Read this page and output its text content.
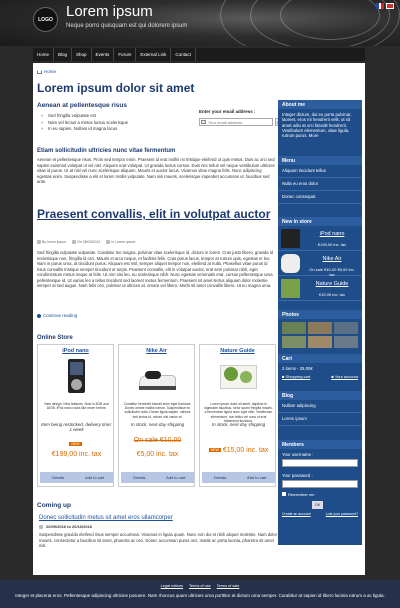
LOGO Lorem ipsum
Neque porro quisquam est qui dolorem ipsum
Home	Blog	Shop	Events	Forum	External Link	Contact
Home
Lorem ipsum dolor sit amet
Aenean at pellentesque risus
» Sed fringilla vulputate est
» Nam vel lectus a metus luctus scelerisque
» In eu sapien. Nullam id magna lacus
Enter your email address :
Your email address
Etiam sollicitudin ultricies nunc vitae fermentum
Aenean et pellentesque risus. Proin sed tempor enim. Praesent id erat mollis mi tristique eleifend ut quis metus. Duis ac orci sed sapien euismod volutpat ut vel nisl. Aliquam erat volutpat. Ut gravida luctus cursus. Duis nec tellus vel neque vestibulum ultricies vitae id purus. Ut at nisl vel nunc scelerisque aliquam. Mauris et auctor lacus. Vivamus vitae magna felis. Nunc adipiscing egestas enim. Suspendisse a elit et lorem mollis vulputate. Nam nisi mauris, scelerisque imperdiet accumsan ut, faucibus sed ante.
Praesent convallis, elit in volutpat auctor
By lorem ipsum	On 28/09/2012	In Lorem ipsum
Sed fringilla vulputate vulputate. Curabitur leo magna, pulvinar vitae scelerisque id, dictum in lorem. Cras justo libero, gravida id scelerisque non, fringilla id orci. Mauris et arcu neque, et facilisis felis. Cras purus lacus, tempor at rutrum quis, egestas et leo. Nam in purus urna, at tincidunt purus. Aliquam est nisl, semper aliquet tempor non, eleifend at nulla. Phasellus vitae purus id risus convallis tristique semper tincidunt ut turpis. Praesent convallis, elit in volutpat auctor, erat sem pulvinar nibh, eget condimentum metus neque at felis. Ut non nisi leo, eu scelerisque nibh. Nunc egestas venenatis erat, cursus pellentesque urna pellentesque id. Ut varius leo a tellus tincidunt sed laoreet metus fermentum. Praesent sit amet lectus aliquam dolor molestie semper at sed augue. Nam felis orci, pulvinar ut ultrices at, ornare vel libero. Morbi sit amet convallis libero. Ut eu magna urna.
Continue reading
Online Store
iPod nano
New design. New features. Now in 8GB and 16GB. iPod nano rocks like never before.
Item being restocked, delivery time: 1 week
NEW
€199,00 inc. tax
Details	Add to cart
Nike Air
Curabitur hendrerit blandit enim eget tincidunt. Donec ornare mattis rutrum. Suspendisse eu sollicitudin nulla. Donec ligula sapien, ultrices sed lectus id, rutrum nisi varius at.
In stock, next-day shipping
On sale €10,00
€5,00 inc. tax
Details	Add to cart
Nature Guide
Lorem ipsum dolor sit amet, dapibus in dignissim faucibus, tortor quam fringilla mauris, a fermentum ligula nunc eget nibh. Vestibulum elementum, non tellus vel nunc ut erat bibendum tincidunt.
In stock, next-day shipping
NEW €15,00 inc. tax
Details	Add to cart
Coming up
Donec sollicitudin metus sit amet eros ullamcorper
20/09/2016 to 20/10/2016
Suspendisse gravida eleifend risus semper accumsan. Vivamus in ligula quam. Nunc non dui et nibh aliquet molestie. Nam dolor mauris, consectetur a faucibus sit amet, pharetra ac orci. Donec accumsan purus orci, mattis ac porta lacinia, pharetra sit amet nisl.
About me
Integer dictum, dui eu porta pulvinar, laoreet, eros mi hendrerit velit, ut sit amet odio at orci blandit hendrerit. Vestibulum elementum, vitae ligula, rutrum purus. More
Menu
Aliquam tincidunt tellus
Nulla eu eros dolor
Donec consequat
New in store
iPod nano
€199,00 inc. tax
Nike Air
On sale €10,00 €5,00 inc. tax
Nature Guide
€15,00 inc. tax
Photos
Cart
2 items - 25,00€
■ Shopping cart	■ Your account
Blog
Nullam adipiscing
Lorem ipsum
Members
Your username :
Your password :
Remember me
OK
Create an account	Lost your password?
Legal notices Terms of use Terms of sale
Integer et placerat eros. Pellentesque adipiscing ultricies posuere. Nam rhoncus quam ultricies urna porttitor at dictum urna semper. Curabitur at sapien id libero lacinia rutrum a ac ligula.
